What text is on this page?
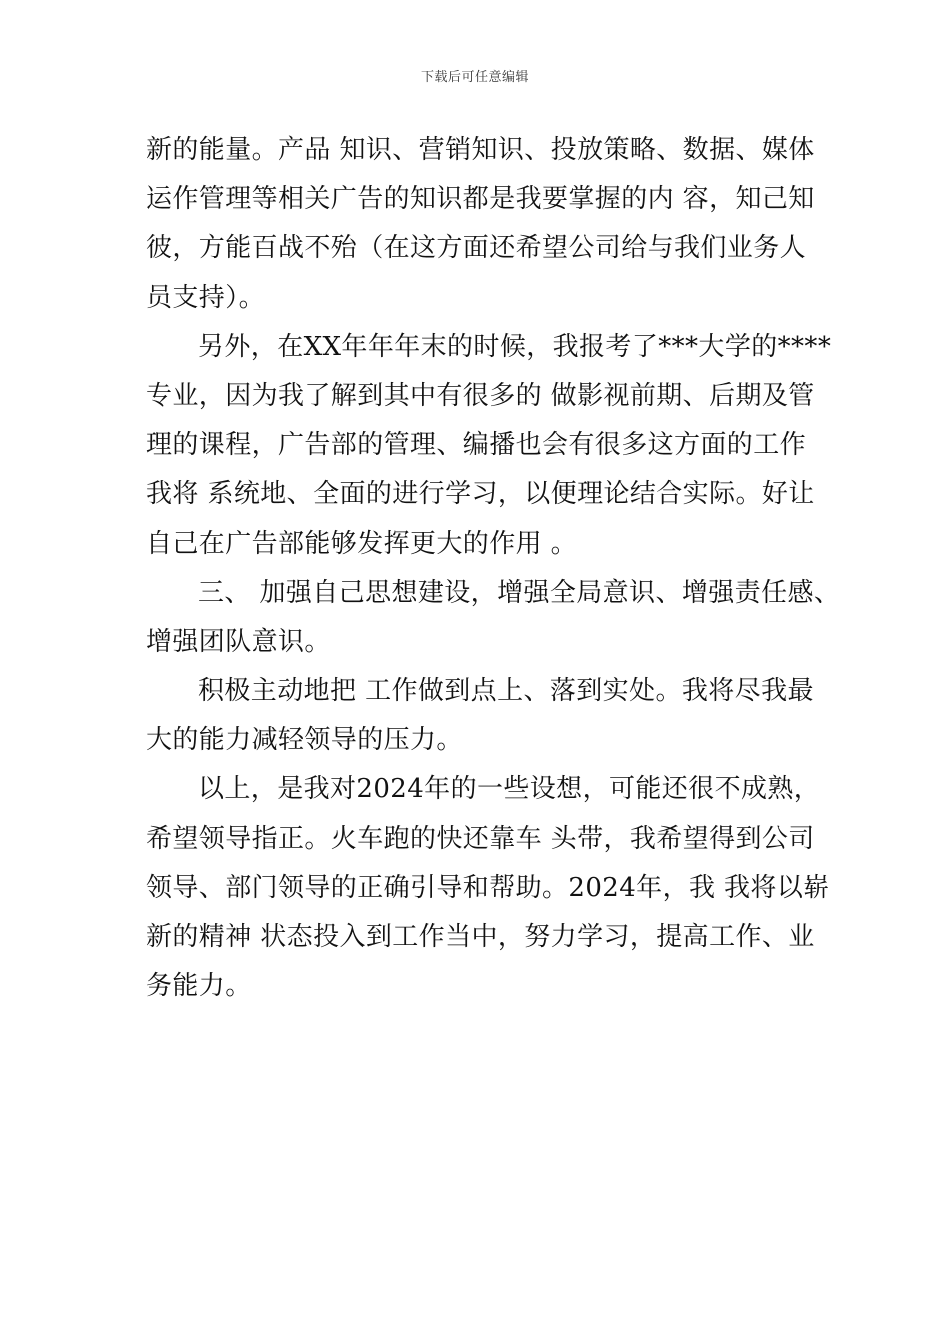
下载后可任意编辑
新的能量。产品 知识、营销知识、投放策略、数据、媒体
运作管理等相关广告的知识都是我要掌握的内 容，知己知
彼，方能百战不殆（在这方面还希望公司给与我们业务人
员支持）。
另外，在XX年年年末的时候，我报考了***大学的****
专业，因为我了解到其中有很多的 做影视前期、后期及管
理的课程，广告部的管理、编播也会有很多这方面的工作
我将 系统地、全面的进行学习，以便理论结合实际。好让
自己在广告部能够发挥更大的作用 。
三、 加强自己思想建设，增强全局意识、增强责任感、
增强团队意识。
积极主动地把 工作做到点上、落到实处。我将尽我最
大的能力减轻领导的压力。
以上，是我对2024年的一些设想，可能还很不成熟，
希望领导指正。火车跑的快还靠车 头带，我希望得到公司
领导、部门领导的正确引导和帮助。2024年，我 我将以崭
新的精神 状态投入到工作当中，努力学习，提高工作、业
务能力。
